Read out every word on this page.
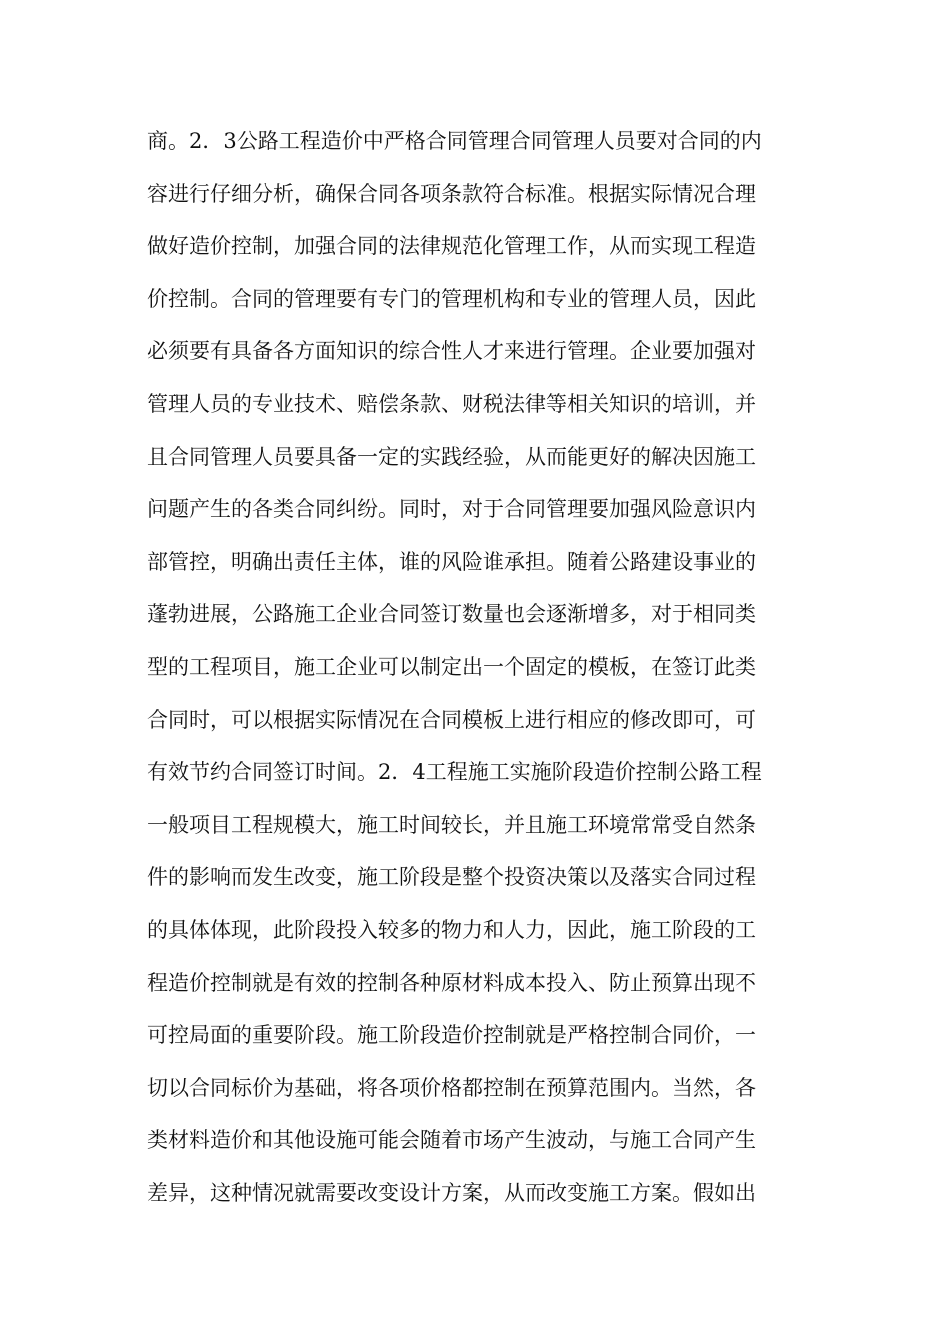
商。2．3公路工程造价中严格合同管理合同管理人员要对合同的内
容进行仔细分析，确保合同各项条款符合标准。根据实际情况合理
做好造价控制，加强合同的法律规范化管理工作，从而实现工程造
价控制。合同的管理要有专门的管理机构和专业的管理人员，因此
必须要有具备各方面知识的综合性人才来进行管理。企业要加强对
管理人员的专业技术、赔偿条款、财税法律等相关知识的培训，并
且合同管理人员要具备一定的实践经验，从而能更好的解决因施工
问题产生的各类合同纠纷。同时，对于合同管理要加强风险意识内
部管控，明确出责任主体，谁的风险谁承担。随着公路建设事业的
蓬勃进展，公路施工企业合同签订数量也会逐渐增多，对于相同类
型的工程项目，施工企业可以制定出一个固定的模板，在签订此类
合同时，可以根据实际情况在合同模板上进行相应的修改即可，可
有效节约合同签订时间。2．4工程施工实施阶段造价控制公路工程
一般项目工程规模大，施工时间较长，并且施工环境常常受自然条
件的影响而发生改变，施工阶段是整个投资决策以及落实合同过程
的具体体现，此阶段投入较多的物力和人力，因此，施工阶段的工
程造价控制就是有效的控制各种原材料成本投入、防止预算出现不
可控局面的重要阶段。施工阶段造价控制就是严格控制合同价，一
切以合同标价为基础，将各项价格都控制在预算范围内。当然，各
类材料造价和其他设施可能会随着市场产生波动，与施工合同产生
差异，这种情况就需要改变设计方案，从而改变施工方案。假如出
